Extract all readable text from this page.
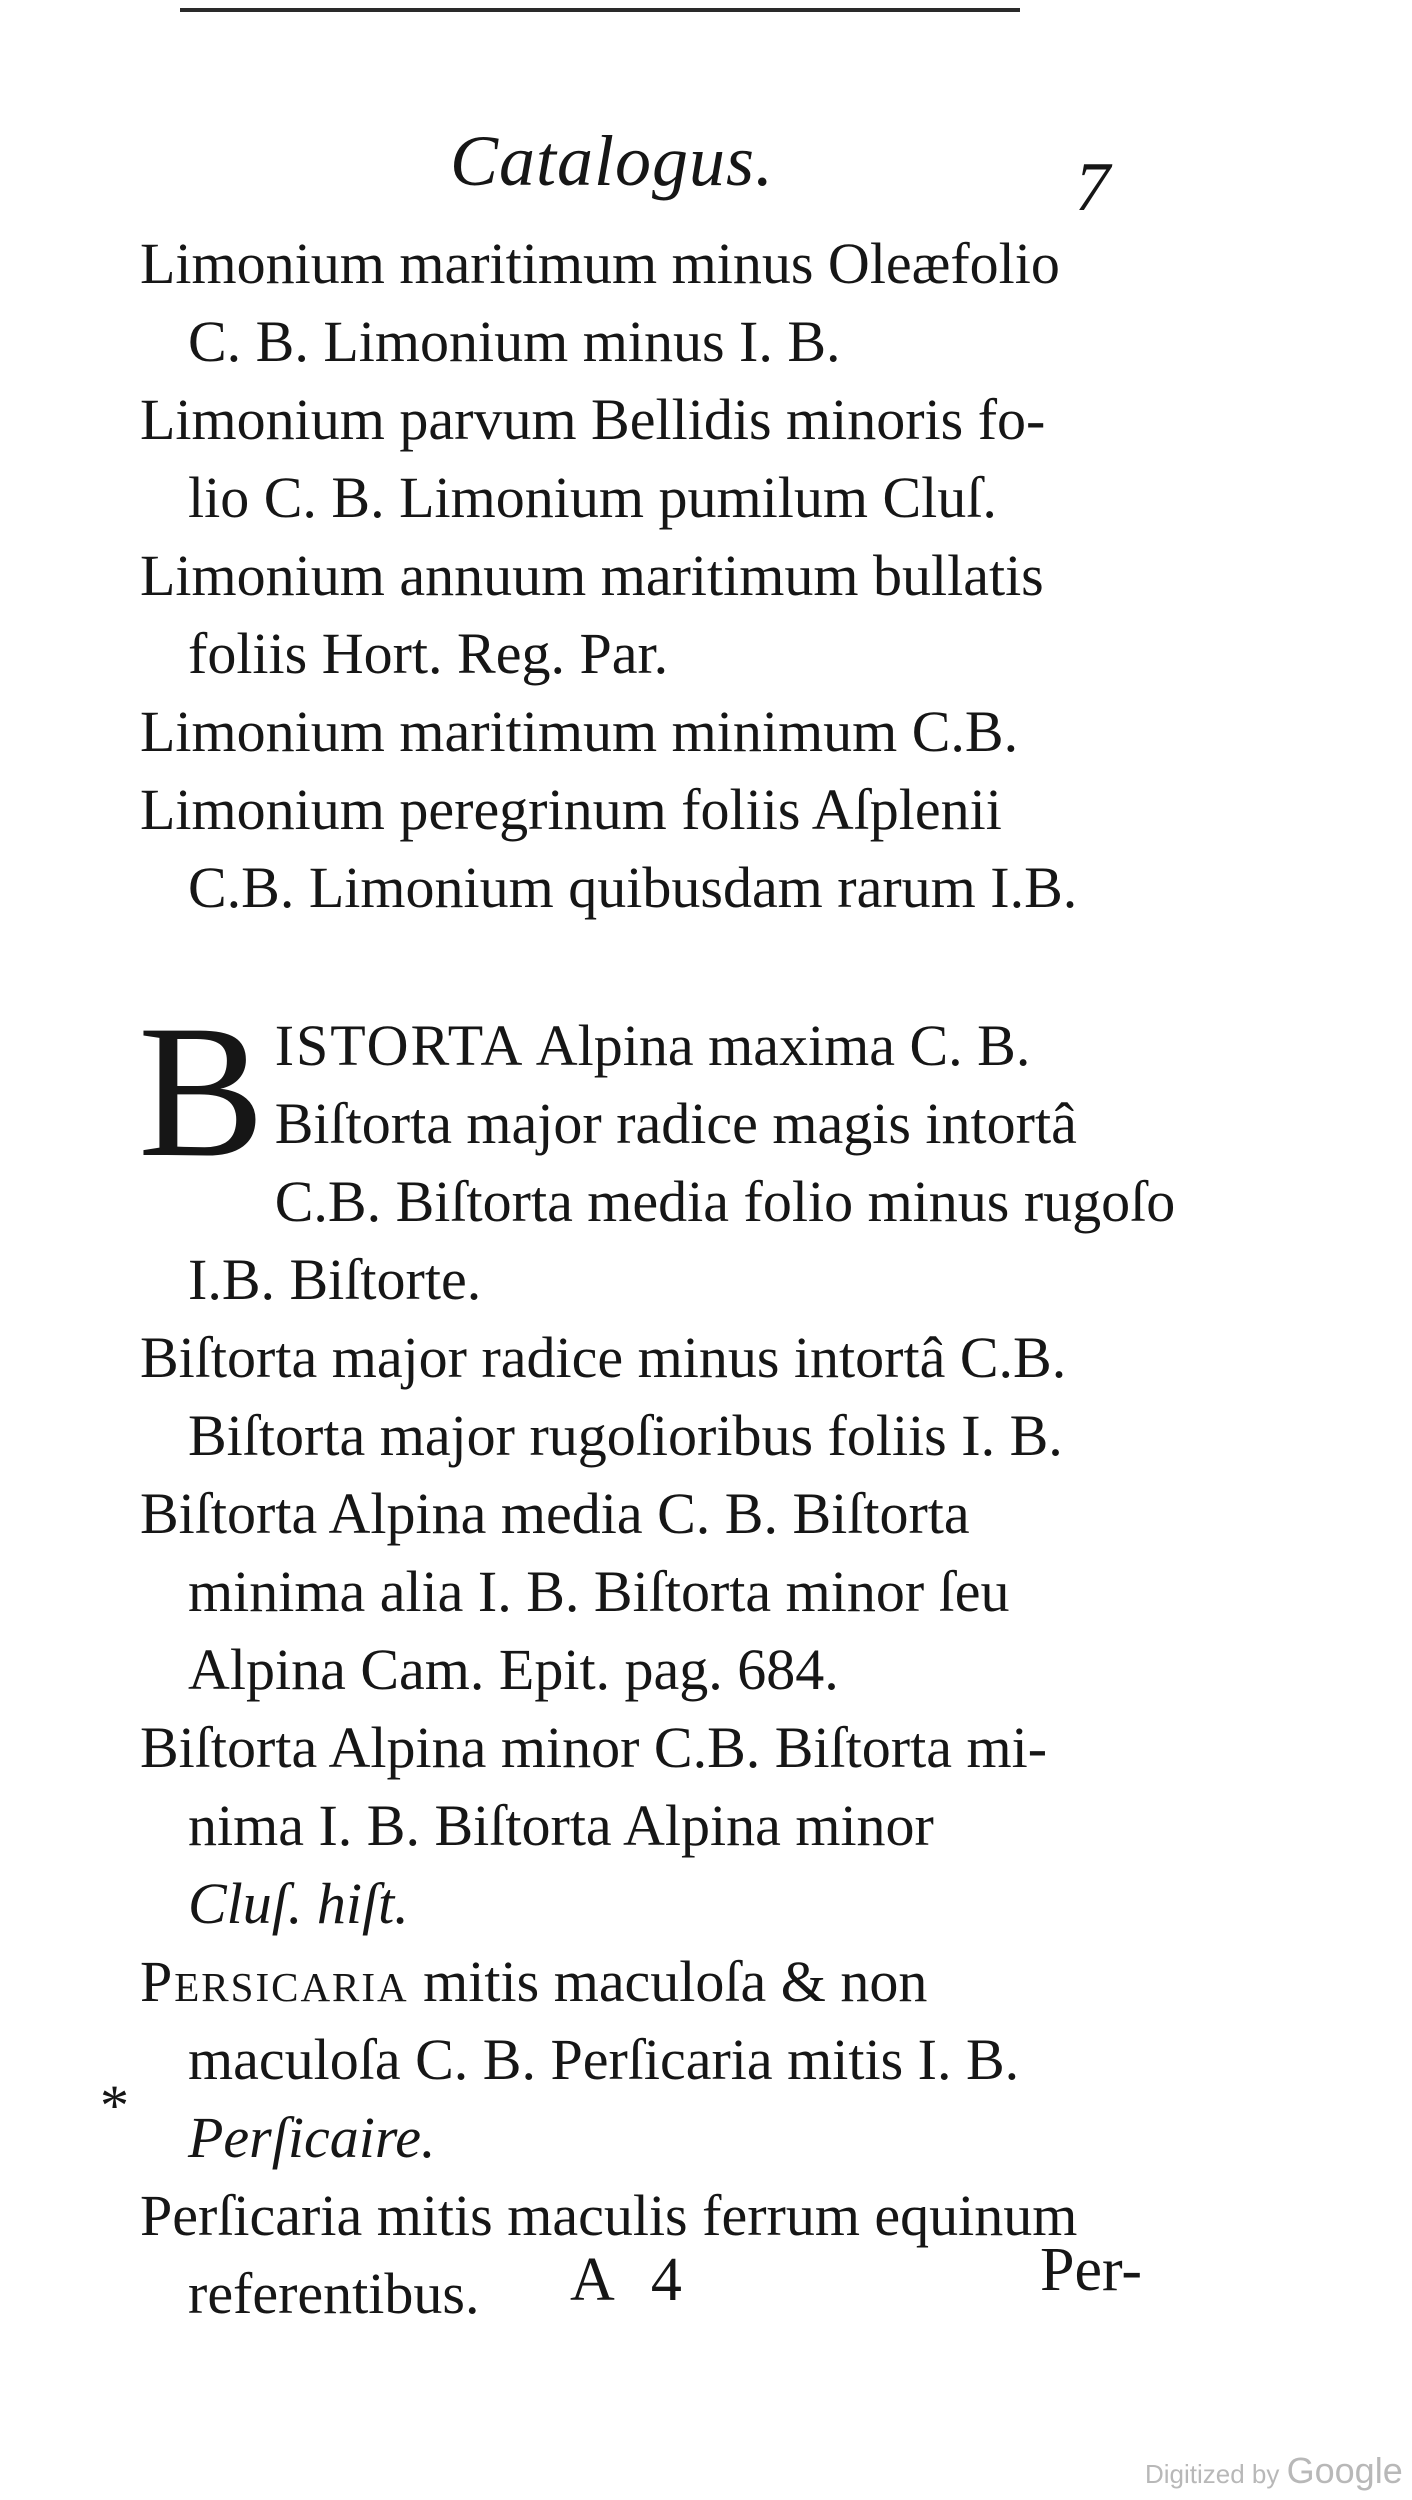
Catalogus.	7

Limonium maritimum minus Oleæfolio
C. B. Limonium minus I. B.

Limonium parvum Bellidis minoris fo-
lio C. B. Limonium pumilum Cluſ.

Limonium annuum maritimum bullatis
foliis Hort. Reg. Par.

Limonium maritimum minimum C.B.

Limonium peregrinum foliis Aſplenii
C.B. Limonium quibusdam rarum I.B.

B ISTORTA Alpina maxima C. B.
Biſtorta major radice magis intortâ
C.B. Biſtorta media folio minus rugoſo
I.B. Biſtorte.

Biſtorta major radice minus intortâ C.B.
Biſtorta major rugoſioribus foliis I. B.

Biſtorta Alpina media C. B. Biſtorta
minima alia I. B. Biſtorta minor ſeu
Alpina Cam. Epit. pag. 684.

Biſtorta Alpina minor C.B. Biſtorta mi-
nima I. B. Biſtorta Alpina minor
Cluſ. hiſt.

Persicaria mitis maculoſa & non
maculoſa C. B. Perſicaria mitis I. B.
Perſicaire.

Perſicaria mitis maculis ferrum equinum
referentibus.

*
A 4	Per-
Digitized by Google
